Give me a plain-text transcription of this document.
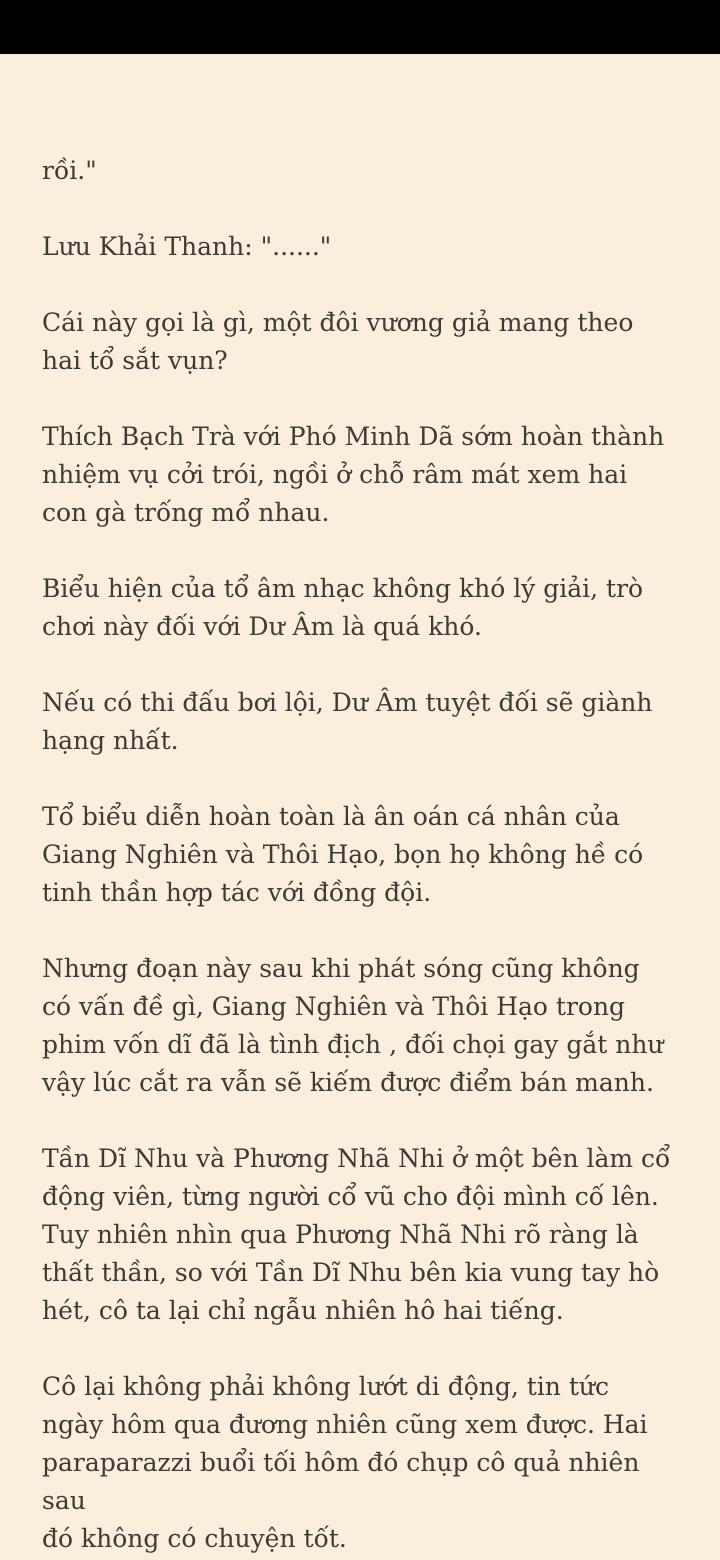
rồi."

Lưu Khải Thanh: "......"

Cái này gọi là gì, một đôi vương giả mang theo
hai tổ sắt vụn?

Thích Bạch Trà với Phó Minh Dã sớm hoàn thành
nhiệm vụ cởi trói, ngồi ở chỗ râm mát xem hai
con gà trống mổ nhau.

Biểu hiện của tổ âm nhạc không khó lý giải, trò
chơi này đối với Dư Âm là quá khó.

Nếu có thi đấu bơi lội, Dư Âm tuyệt đối sẽ giành
hạng nhất.

Tổ biểu diễn hoàn toàn là ân oán cá nhân của
Giang Nghiên và Thôi Hạo, bọn họ không hề có
tinh thần hợp tác với đồng đội.

Nhưng đoạn này sau khi phát sóng cũng không
có vấn đề gì, Giang Nghiên và Thôi Hạo trong
phim vốn dĩ đã là tình địch , đối chọi gay gắt như
vậy lúc cắt ra vẫn sẽ kiếm được điểm bán manh.

Tần Dĩ Nhu và Phương Nhã Nhi ở một bên làm cổ
động viên, từng người cổ vũ cho đội mình cố lên.
Tuy nhiên nhìn qua Phương Nhã Nhi rõ ràng là
thất thần, so với Tần Dĩ Nhu bên kia vung tay hò
hét, cô ta lại chỉ ngẫu nhiên hô hai tiếng.

Cô lại không phải không lướt di động, tin tức
ngày hôm qua đương nhiên cũng xem được. Hai
paraparazzi buổi tối hôm đó chụp cô quả nhiên sau
đó không có chuyện tốt.
